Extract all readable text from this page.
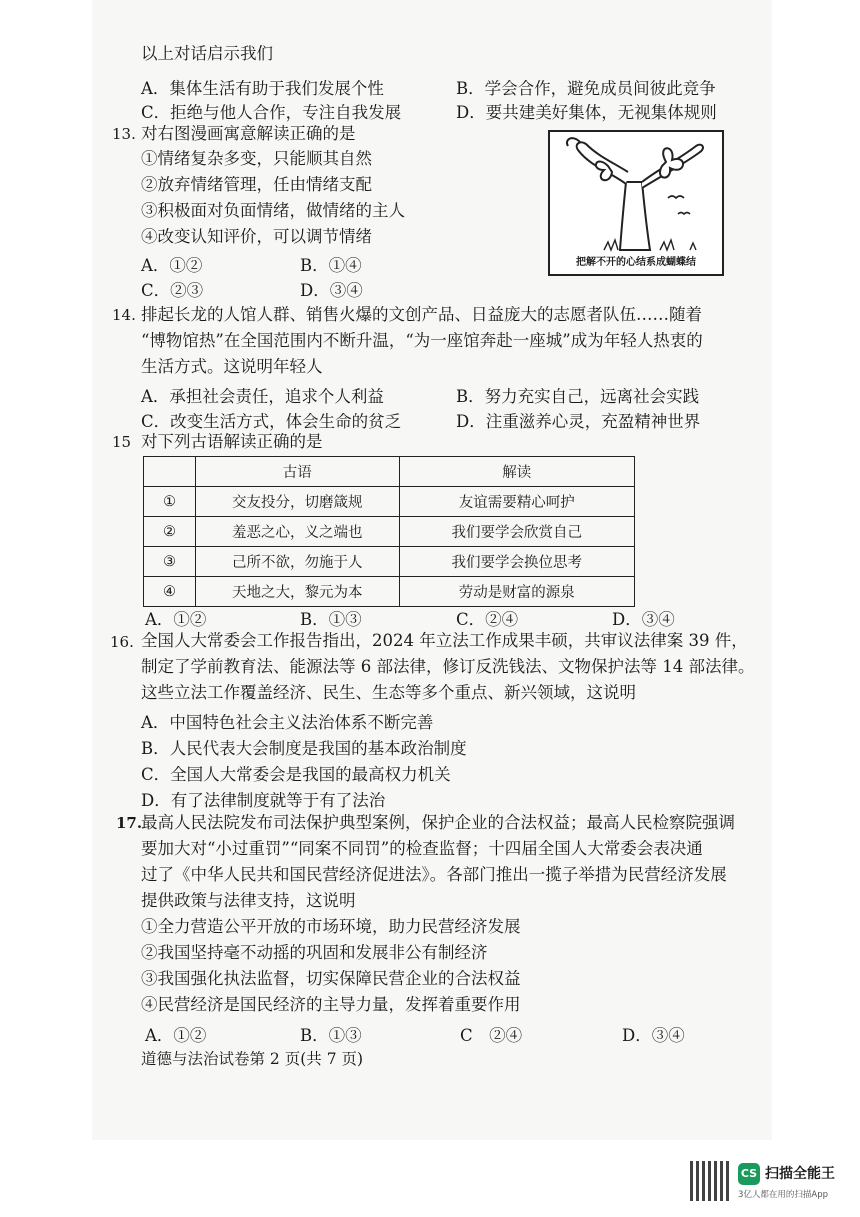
以上对话启示我们
A．集体生活有助于我们发展个性	B．学会合作，避免成员间彼此竞争
C．拒绝与他人合作，专注自我发展	D．要共建美好集体，无视集体规则
13. 对右图漫画寓意解读正确的是
①情绪复杂多变，只能顺其自然
②放弃情绪管理，任由情绪支配
③积极面对负面情绪，做情绪的主人
④改变认知评价，可以调节情绪
A．①②	B．①④
C．②③	D．③④
把解不开的心结系成蝴蝶结
14. 排起长龙的人馆人群、销售火爆的文创产品、日益庞大的志愿者队伍……随着
“博物馆热”在全国范围内不断升温，“为一座馆奔赴一座城”成为年轻人热衷的
生活方式。这说明年轻人
A．承担社会责任，追求个人利益	B．努力充实自己，远离社会实践
C．改变生活方式，体会生命的贫乏	D．注重滋养心灵，充盈精神世界
15 对下列古语解读正确的是
	古语	解读
①	交友投分，切磨箴规	友谊需要精心呵护
②	羞恶之心，义之端也	我们要学会欣赏自己
③	己所不欲，勿施于人	我们要学会换位思考
④	天地之大，黎元为本	劳动是财富的源泉
A．①②	B．①③	C．②④	D．③④
16. 全国人大常委会工作报告指出，2024 年立法工作成果丰硕，共审议法律案 39 件，
制定了学前教育法、能源法等 6 部法律，修订反洗钱法、文物保护法等 14 部法律。
这些立法工作覆盖经济、民生、生态等多个重点、新兴领域，这说明
A．中国特色社会主义法治体系不断完善
B．人民代表大会制度是我国的基本政治制度
C．全国人大常委会是我国的最高权力机关
D．有了法律制度就等于有了法治
17.
最高人民法院发布司法保护典型案例，保护企业的合法权益；最高人民检察院强调
要加大对“小过重罚”“同案不同罚”的检查监督；十四届全国人大常委会表决通
过了《中华人民共和国民营经济促进法》。各部门推出一揽子举措为民营经济发展
提供政策与法律支持，这说明
①全力营造公平开放的市场环境，助力民营经济发展
②我国坚持毫不动摇的巩固和发展非公有制经济
③我国强化执法监督，切实保障民营企业的合法权益
④民营经济是国民经济的主导力量，发挥着重要作用
A．①②	B．①③	C　②④	D．③④
道德与法治试卷第 2 页(共 7 页)
CS 扫描全能王
3亿人都在用的扫描App
